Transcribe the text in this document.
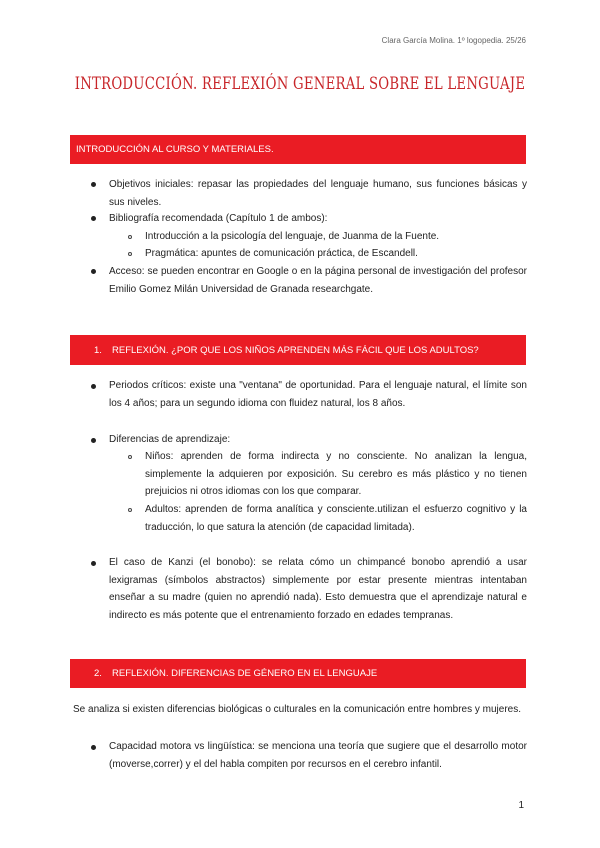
Clara García Molina. 1º logopedia. 25/26
INTRODUCCIÓN. REFLEXIÓN GENERAL SOBRE EL LENGUAJE
INTRODUCCIÓN AL CURSO Y MATERIALES.
Objetivos iniciales: repasar las propiedades del lenguaje humano, sus funciones básicas y sus niveles.
Bibliografía recomendada (Capítulo 1 de ambos):
Introducción a la psicología del lenguaje, de Juanma de la Fuente.
Pragmática: apuntes de comunicación práctica, de Escandell.
Acceso: se pueden encontrar en Google o en la página personal de investigación del profesor Emilio Gomez Milán Universidad de Granada researchgate.
1.	REFLEXIÓN. ¿POR QUE LOS NIÑOS APRENDEN MÁS FÁCIL QUE LOS ADULTOS?
Periodos críticos: existe una "ventana" de oportunidad. Para el lenguaje natural, el límite son los 4 años; para un segundo idioma con fluidez natural, los 8 años.
Diferencias de aprendizaje:
Niños: aprenden de forma indirecta y no consciente. No analizan la lengua, simplemente la adquieren por exposición. Su cerebro es más plástico y no tienen prejuicios ni otros idiomas con los que comparar.
Adultos: aprenden de forma analítica y consciente.utilizan el esfuerzo cognitivo y la traducción, lo que satura la atención (de capacidad limitada).
El caso de Kanzi (el bonobo): se relata cómo un chimpancé bonobo aprendió a usar lexigramas (símbolos abstractos) simplemente por estar presente mientras intentaban enseñar a su madre (quien no aprendió nada). Esto demuestra que el aprendizaje natural e indirecto es más potente que el entrenamiento forzado en edades tempranas.
2.	REFLEXIÓN. DIFERENCIAS DE GÉNERO EN EL LENGUAJE
Se analiza si existen diferencias biológicas o culturales en la comunicación entre hombres y mujeres.
Capacidad motora vs lingüística: se menciona una teoría que sugiere que el desarrollo motor (moverse,correr) y el del habla compiten por recursos en el cerebro infantil.
1
